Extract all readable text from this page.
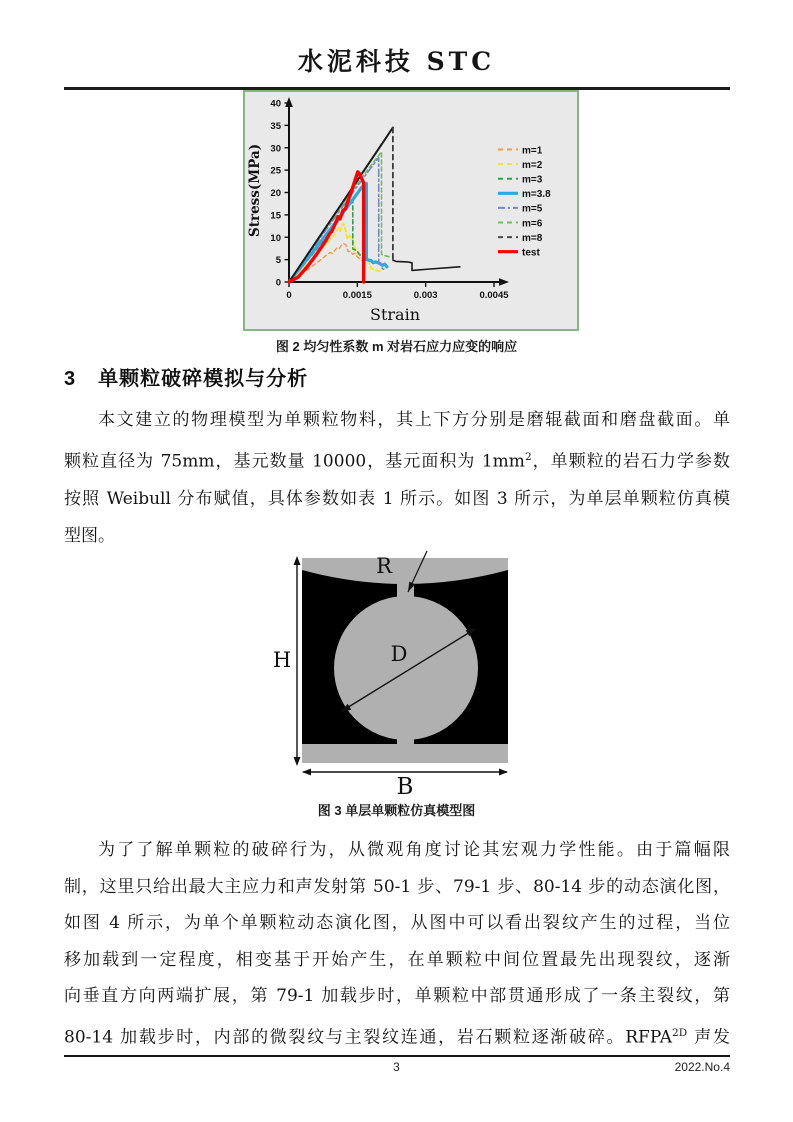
水泥科技 STC
0
5
10
15
20
25
30
35
40
0	0.0015	0.003	0.0045
Stress(MPa)
Strain
m=1
m=2
m=3
m=3.8
m=5
m=6
m=8
test
图 2 均匀性系数 m 对岩石应力应变的响应
3 单颗粒破碎模拟与分析
本文建立的物理模型为单颗粒物料，其上下方分别是磨辊截面和磨盘截面。单
颗粒直径为 75mm，基元数量 10000，基元面积为 $1mm^2$，单颗粒的岩石力学参数
按照 Weibull 分布赋值，具体参数如表 1 所示。如图 3 所示，为单层单颗粒仿真模
型图。
H
B
D
R
图 3 单层单颗粒仿真模型图
为了了解单颗粒的破碎行为，从微观角度讨论其宏观力学性能。由于篇幅限
制，这里只给出最大主应力和声发射第 50-1 步、79-1 步、80-14 步的动态演化图，
如图 4 所示，为单个单颗粒动态演化图，从图中可以看出裂纹产生的过程，当位
移加载到一定程度，相变基于开始产生，在单颗粒中间位置最先出现裂纹，逐渐
向垂直方向两端扩展，第 79-1 加载步时，单颗粒中部贯通形成了一条主裂纹，第
80-14 加载步时，内部的微裂纹与主裂纹连通，岩石颗粒逐渐破碎。$RFPA^{2D}$ 声发
3	2022.No.4
